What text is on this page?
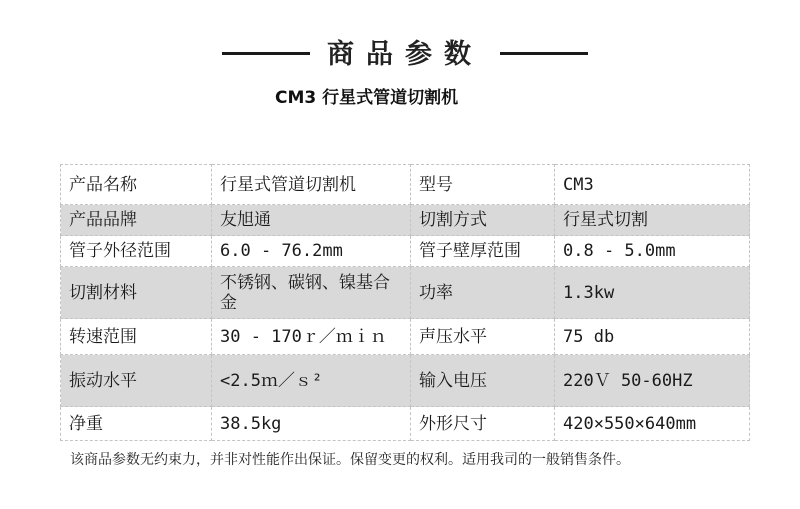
商品参数
CM3 行星式管道切割机
产品名称	行星式管道切割机	型号	CM3
产品品牌	友旭通	切割方式	行星式切割
管子外径范围	6.0 - 76.2mm	管子壁厚范围	0.8 - 5.0mm
切割材料	不锈钢、碳钢、镍基合金	功率	1.3kw
转速范围	30 - 170ｒ／ｍｉｎ	声压水平	75 db
振动水平	<2.5ｍ／ｓ²	输入电压	220Ｖ 50-60HZ
净重	38.5kg	外形尺寸	420×550×640mm
该商品参数无约束力，并非对性能作出保证。保留变更的权利。适用我司的一般销售条件。
